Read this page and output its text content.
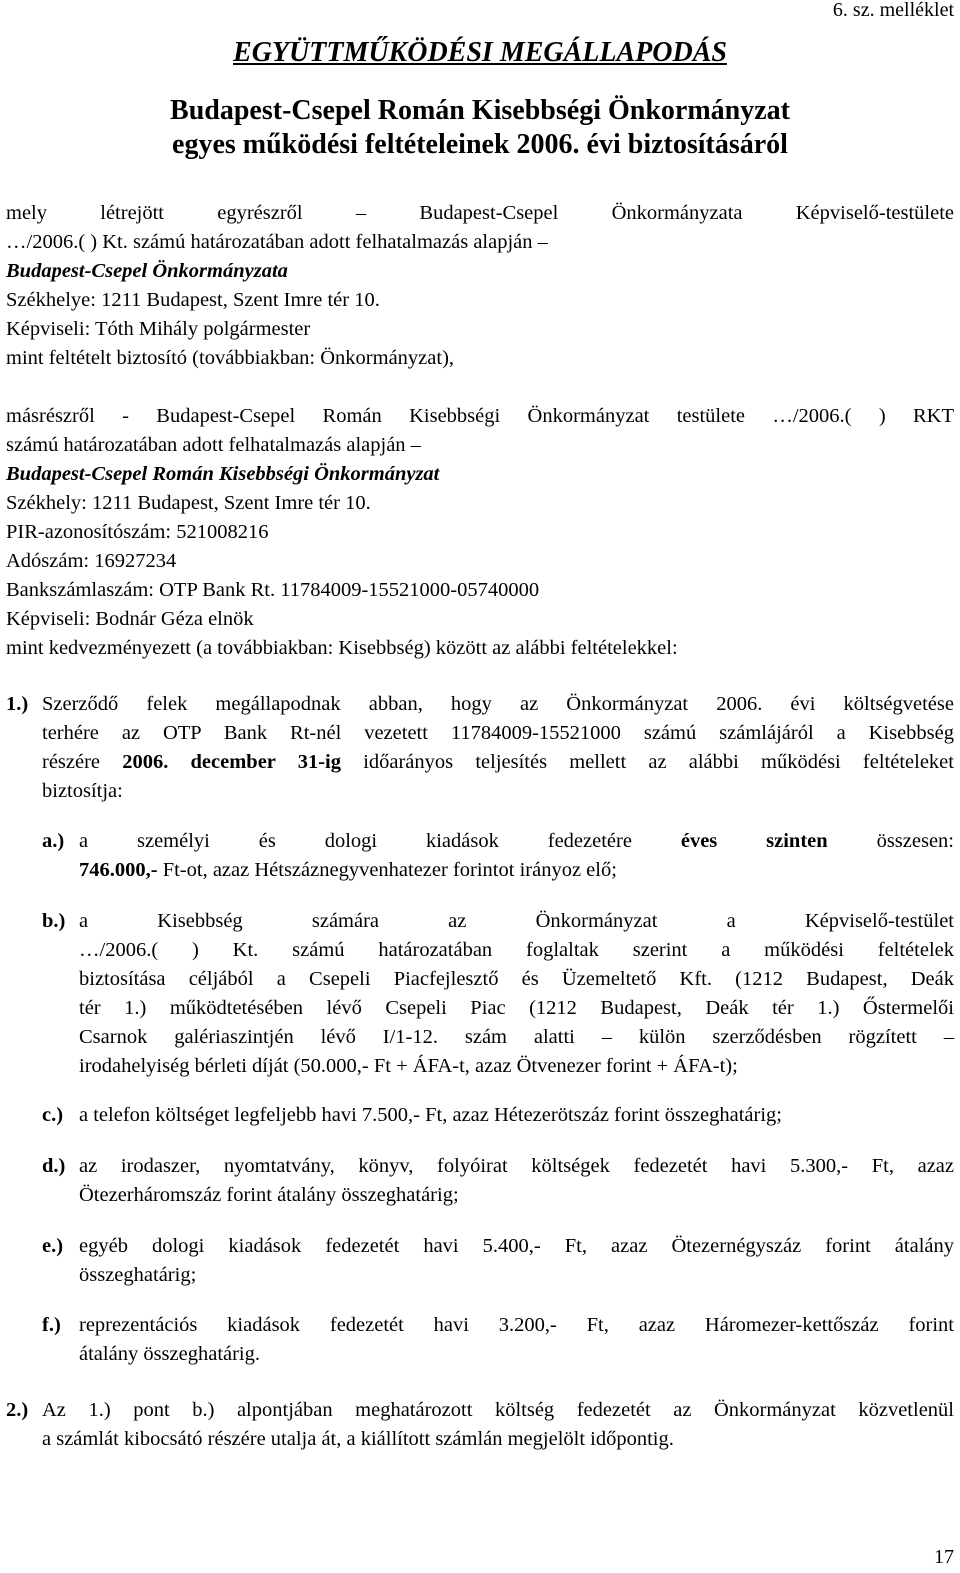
6. sz. melléklet
EGYÜTTMŰKÖDÉSI MEGÁLLAPODÁS
Budapest-Csepel Román Kisebbségi Önkormányzat
egyes működési feltételeinek 2006. évi biztosításáról
mely létrejött egyrészről – Budapest-Csepel Önkormányzata Képviselő-testülete
…/2006.( ) Kt. számú határozatában adott felhatalmazás alapján –
Budapest-Csepel Önkormányzata
Székhelye: 1211 Budapest, Szent Imre tér 10.
Képviseli: Tóth Mihály polgármester
mint feltételt biztosító (továbbiakban: Önkormányzat),
másrészről - Budapest-Csepel Román Kisebbségi Önkormányzat testülete …/2006.( ) RKT
számú határozatában adott felhatalmazás alapján –
Budapest-Csepel Román Kisebbségi Önkormányzat
Székhely: 1211 Budapest, Szent Imre tér 10.
PIR-azonosítószám: 521008216
Adószám: 16927234
Bankszámlaszám: OTP Bank Rt. 11784009-15521000-05740000
Képviseli: Bodnár Géza elnök
mint kedvezményezett (a továbbiakban: Kisebbség) között az alábbi feltételekkel:
1.) Szerződő felek megállapodnak abban, hogy az Önkormányzat 2006. évi költségvetése
terhére az OTP Bank Rt-nél vezetett 11784009-15521000 számú számlájáról a Kisebbség
részére 2006. december 31-ig időarányos teljesítés mellett az alábbi működési feltételeket
biztosítja:
a.) a személyi és dologi kiadások fedezetére éves szinten összesen:
746.000,- Ft-ot, azaz Hétszáznegyvenhatezer forintot irányoz elő;
b.) a Kisebbség számára az Önkormányzat a Képviselő-testület
…/2006.( ) Kt. számú határozatában foglaltak szerint a működési feltételek
biztosítása céljából a Csepeli Piacfejlesztő és Üzemeltető Kft. (1212 Budapest, Deák
tér 1.) működtetésében lévő Csepeli Piac (1212 Budapest, Deák tér 1.) Őstermelői
Csarnok galériaszintjén lévő I/1-12. szám alatti – külön szerződésben rögzített –
irodahelyiség bérleti díját (50.000,- Ft + ÁFA-t, azaz Ötvenezer forint + ÁFA-t);
c.) a telefon költséget legfeljebb havi 7.500,- Ft, azaz Hétezerötszáz forint összeghatárig;
d.) az irodaszer, nyomtatvány, könyv, folyóirat költségek fedezetét havi 5.300,- Ft, azaz
Ötezerháromszáz forint átalány összeghatárig;
e.) egyéb dologi kiadások fedezetét havi 5.400,- Ft, azaz Ötezernégyszáz forint átalány
összeghatárig;
f.) reprezentációs kiadások fedezetét havi 3.200,- Ft, azaz Háromezer-kettőszáz forint
átalány összeghatárig.
2.) Az 1.) pont b.) alpontjában meghatározott költség fedezetét az Önkormányzat közvetlenül
a számlát kibocsátó részére utalja át, a kiállított számlán megjelölt időpontig.
17
